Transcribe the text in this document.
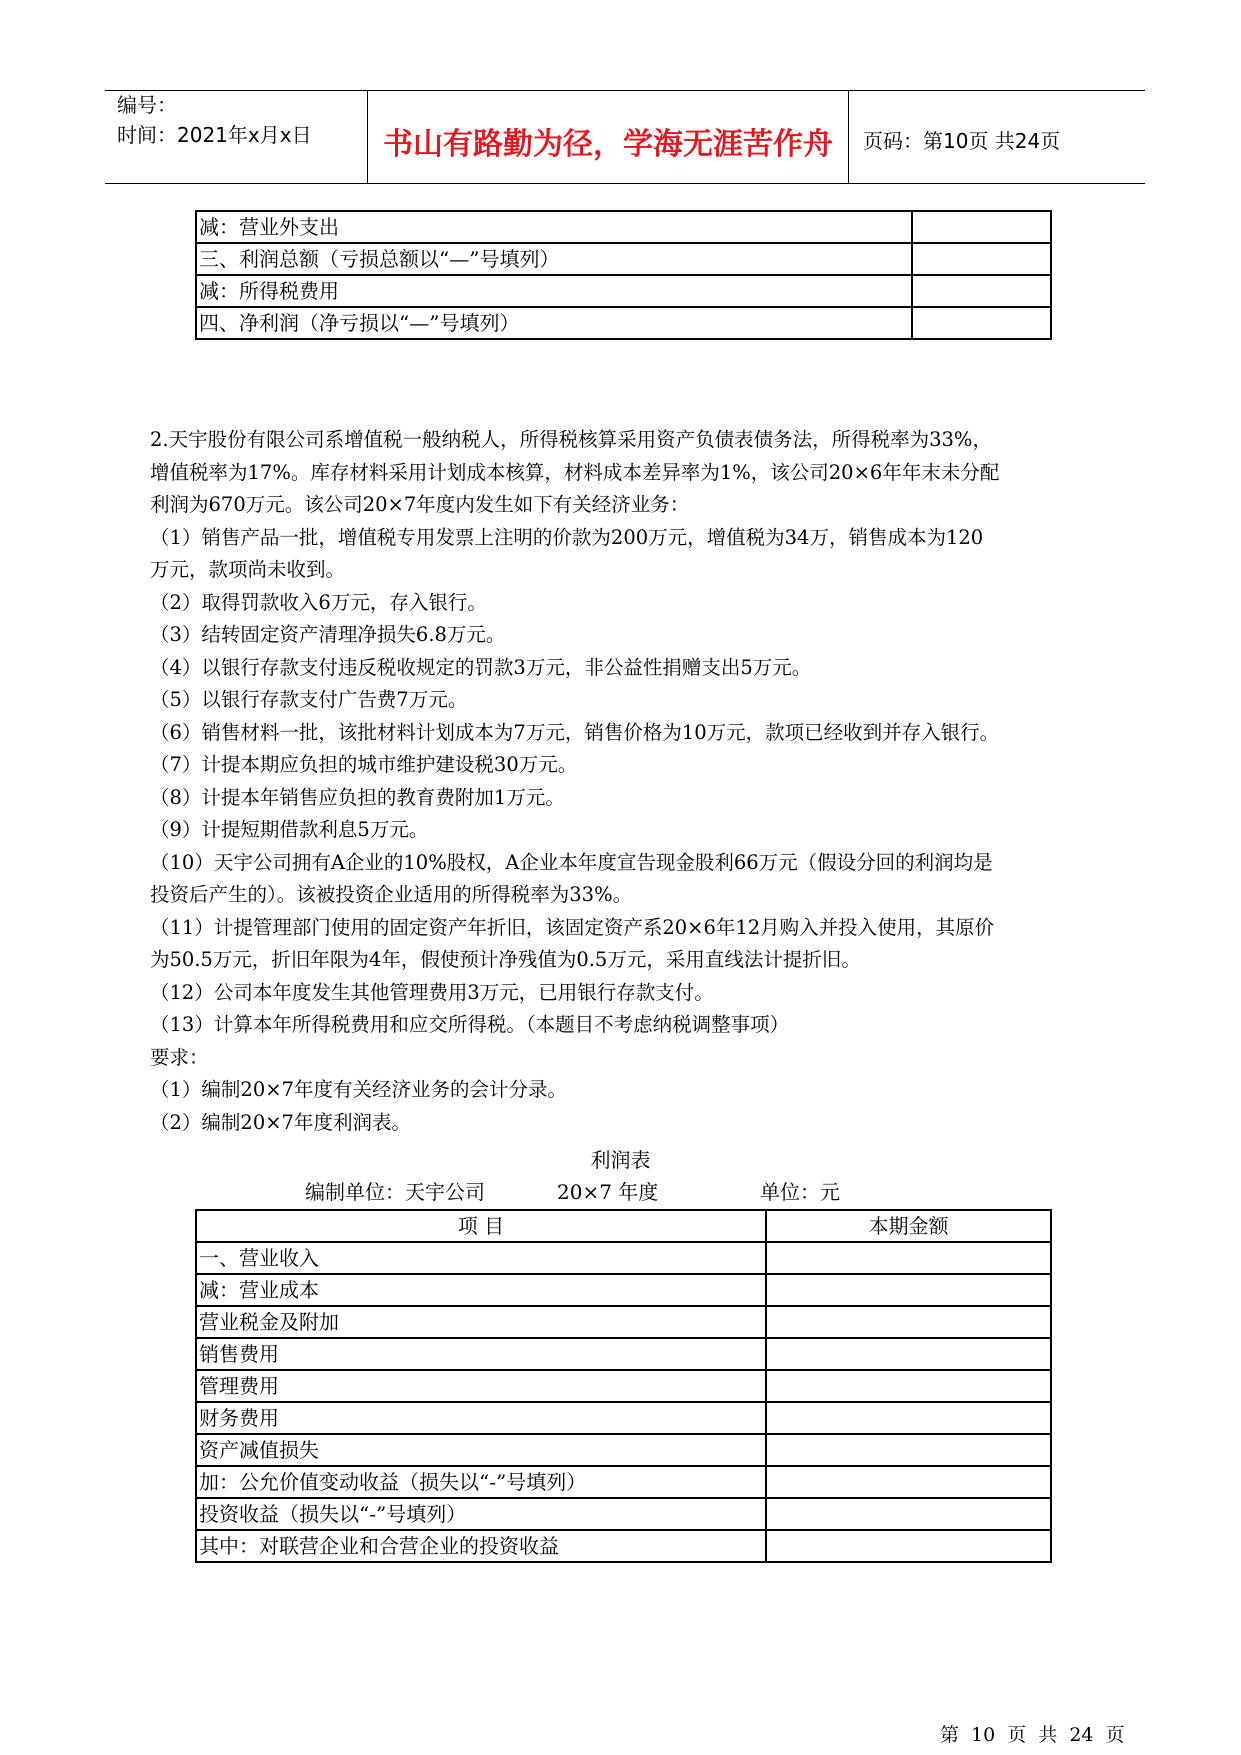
编号：
时间：2021年x月x日	书山有路勤为径，学海无涯苦作舟	页码：第10页 共24页
减：营业外支出	
三、利润总额（亏损总额以“—”号填列）	
减：所得税费用	
四、净利润（净亏损以“—”号填列）	
2.天宇股份有限公司系增值税一般纳税人，所得税核算采用资产负债表债务法，所得税率为33%，
增值税率为17%。库存材料采用计划成本核算，材料成本差异率为1%，该公司20×6年年末未分配
利润为670万元。该公司20×7年度内发生如下有关经济业务：
（1）销售产品一批，增值税专用发票上注明的价款为200万元，增值税为34万，销售成本为120
万元，款项尚未收到。
（2）取得罚款收入6万元，存入银行。
（3）结转固定资产清理净损失6.8万元。
（4）以银行存款支付违反税收规定的罚款3万元，非公益性捐赠支出5万元。
（5）以银行存款支付广告费7万元。
（6）销售材料一批，该批材料计划成本为7万元，销售价格为10万元，款项已经收到并存入银行。
（7）计提本期应负担的城市维护建设税30万元。
（8）计提本年销售应负担的教育费附加1万元。
（9）计提短期借款利息5万元。
（10）天宇公司拥有A企业的10%股权，A企业本年度宣告现金股利66万元（假设分回的利润均是
投资后产生的）。该被投资企业适用的所得税率为33%。
（11）计提管理部门使用的固定资产年折旧，该固定资产系20×6年12月购入并投入使用，其原价
为50.5万元，折旧年限为4年，假使预计净残值为0.5万元，采用直线法计提折旧。
（12）公司本年度发生其他管理费用3万元，已用银行存款支付。
（13）计算本年所得税费用和应交所得税。（本题目不考虑纳税调整事项）
要求：
（1）编制20×7年度有关经济业务的会计分录。
（2）编制20×7年度利润表。
利润表
编制单位：天宇公司	20×7 年度	单位：元
项 目	本期金额
一、营业收入	
减：营业成本	
营业税金及附加	
销售费用	
管理费用	
财务费用	
资产减值损失	
加：公允价值变动收益（损失以“-”号填列）	
投资收益（损失以“-”号填列）	
其中：对联营企业和合营企业的投资收益	
第 10 页 共 24 页
